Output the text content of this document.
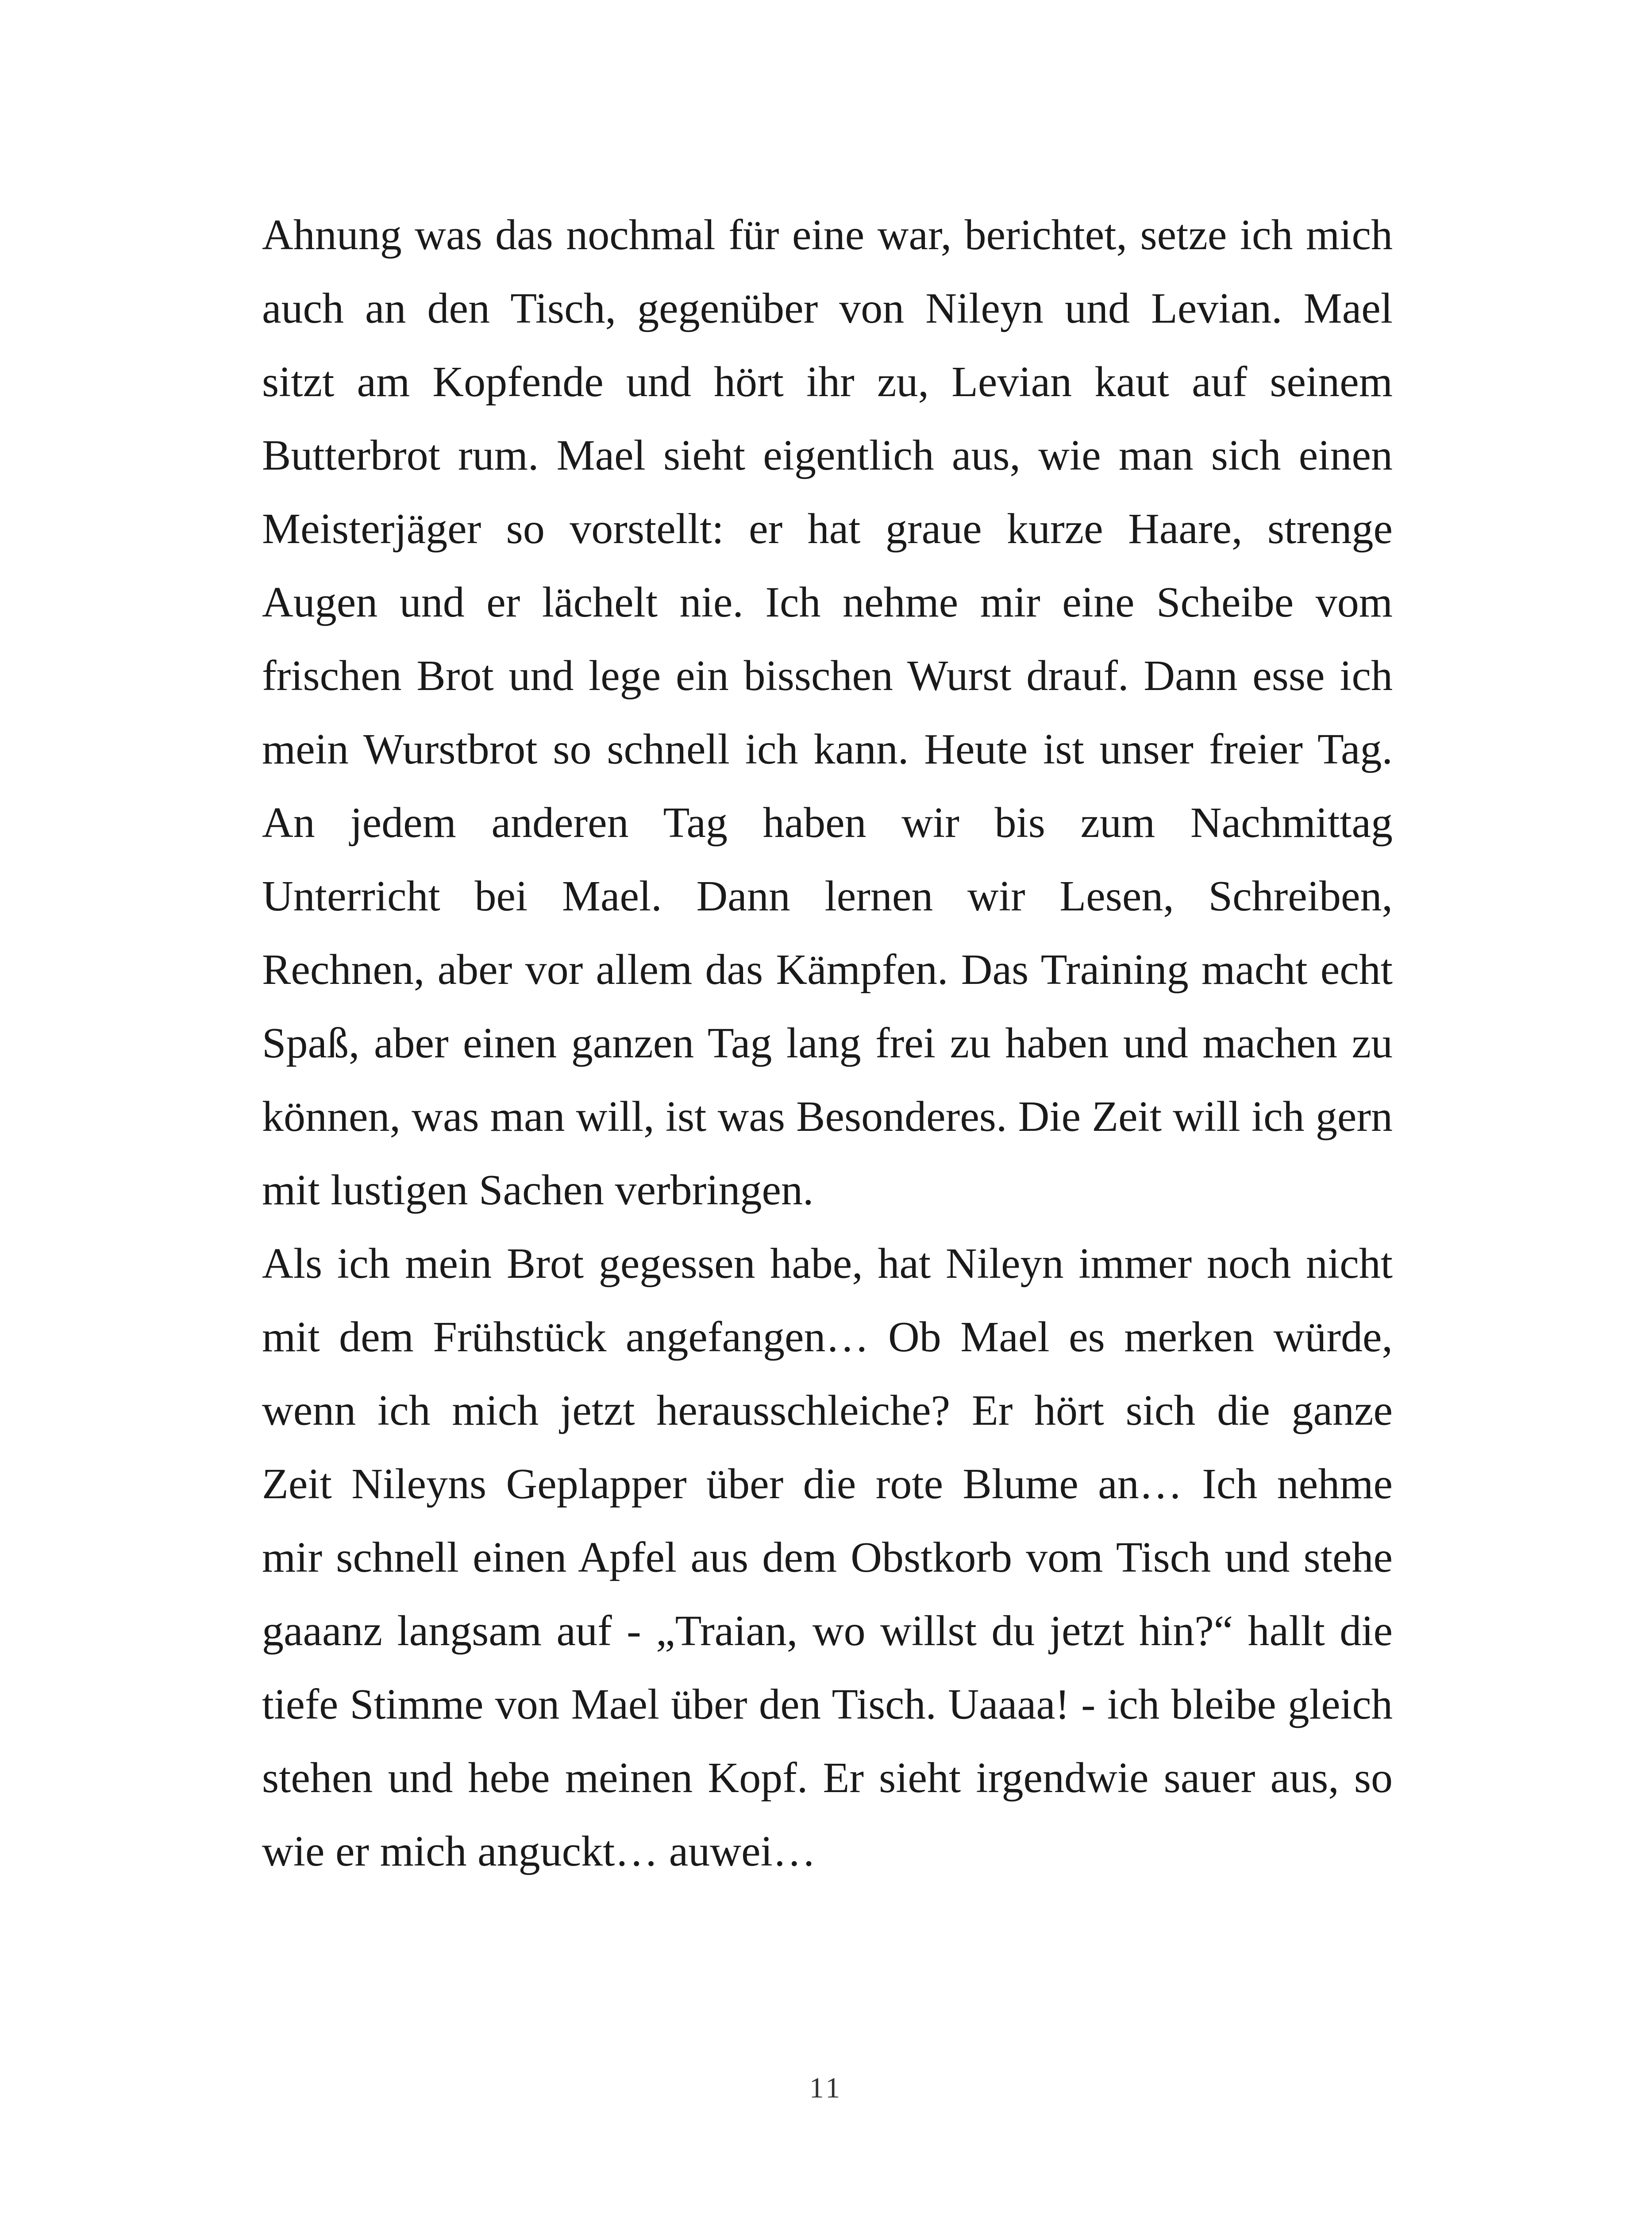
Ahnung was das nochmal für eine war, berichtet, setze ich mich
auch an den Tisch, gegenüber von Nileyn und Levian. Mael
sitzt am Kopfende und hört ihr zu, Levian kaut auf seinem
Butterbrot rum. Mael sieht eigentlich aus, wie man sich einen
Meisterjäger so vorstellt: er hat graue kurze Haare, strenge
Augen und er lächelt nie. Ich nehme mir eine Scheibe vom
frischen Brot und lege ein bisschen Wurst drauf. Dann esse ich
mein Wurstbrot so schnell ich kann. Heute ist unser freier Tag.
An jedem anderen Tag haben wir bis zum Nachmittag
Unterricht bei Mael. Dann lernen wir Lesen, Schreiben,
Rechnen, aber vor allem das Kämpfen. Das Training macht echt
Spaß, aber einen ganzen Tag lang frei zu haben und machen zu
können, was man will, ist was Besonderes. Die Zeit will ich gern
mit lustigen Sachen verbringen.
Als ich mein Brot gegessen habe, hat Nileyn immer noch nicht
mit dem Frühstück angefangen… Ob Mael es merken würde,
wenn ich mich jetzt herausschleiche? Er hört sich die ganze
Zeit Nileyns Geplapper über die rote Blume an… Ich nehme
mir schnell einen Apfel aus dem Obstkorb vom Tisch und stehe
gaaanz langsam auf - „Traian, wo willst du jetzt hin?“ hallt die
tiefe Stimme von Mael über den Tisch. Uaaaa! - ich bleibe gleich
stehen und hebe meinen Kopf. Er sieht irgendwie sauer aus, so
wie er mich anguckt… auwei…
11
